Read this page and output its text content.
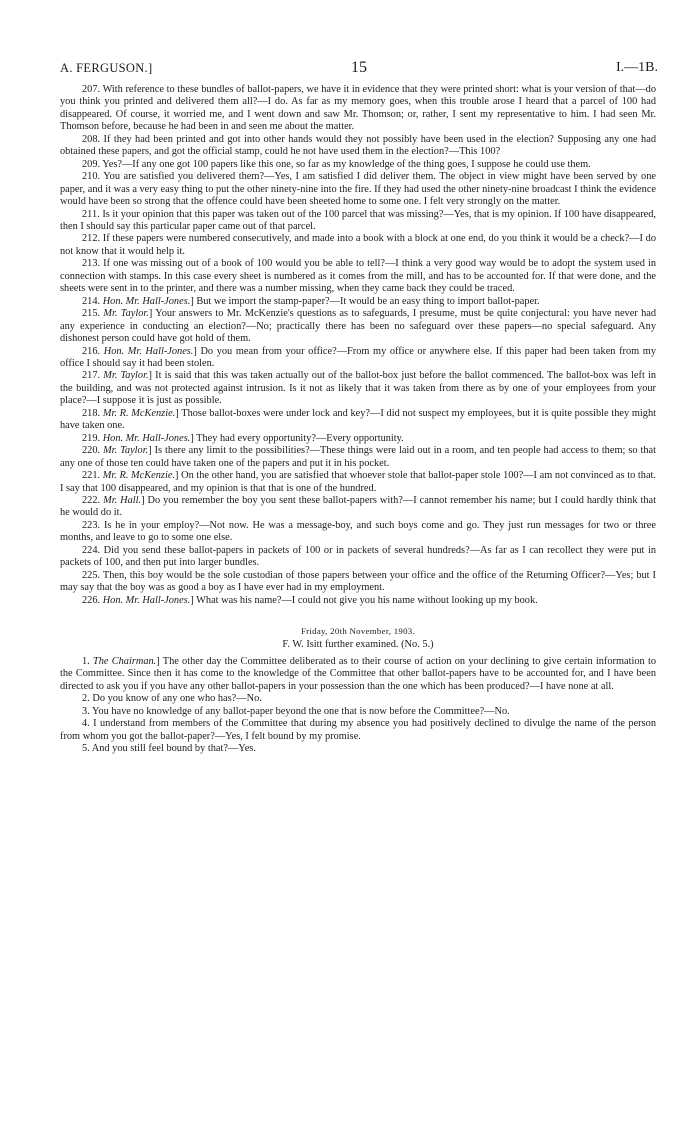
A. FERGUSON.]	15	I.—1B.

207. With reference to these bundles of ballot-papers, we have it in evidence that they were printed short: what is your version of that—do you think you printed and delivered them all?—I do. As far as my memory goes, when this trouble arose I heard that a parcel of 100 had disappeared. Of course, it worried me, and I went down and saw Mr. Thomson; or, rather, I sent my representative to him. I had seen Mr. Thomson before, because he had been in and seen me about the matter.

208. If they had been printed and got into other hands would they not possibly have been used in the election? Supposing any one had obtained these papers, and got the official stamp, could he not have used them in the election?—This 100?

209. Yes?—If any one got 100 papers like this one, so far as my knowledge of the thing goes, I suppose he could use them.

210. You are satisfied you delivered them?—Yes, I am satisfied I did deliver them. The object in view might have been served by one paper, and it was a very easy thing to put the other ninety-nine into the fire. If they had used the other ninety-nine broadcast I think the evidence would have been so strong that the offence could have been sheeted home to some one. I felt very strongly on the matter.

211. Is it your opinion that this paper was taken out of the 100 parcel that was missing?—Yes, that is my opinion. If 100 have disappeared, then I should say this particular paper came out of that parcel.

212. If these papers were numbered consecutively, and made into a book with a block at one end, do you think it would be a check?—I do not know that it would help it.

213. If one was missing out of a book of 100 would you be able to tell?—I think a very good way would be to adopt the system used in connection with stamps. In this case every sheet is numbered as it comes from the mill, and has to be accounted for. If that were done, and the sheets were sent in to the printer, and there was a number missing, when they came back they could be traced.

214. Hon. Mr. Hall-Jones.] But we import the stamp-paper?—It would be an easy thing to import ballot-paper.

215. Mr. Taylor.] Your answers to Mr. McKenzie's questions as to safeguards, I presume, must be quite conjectural: you have never had any experience in conducting an election?—No; practically there has been no safeguard over these papers—no special safeguard. Any dishonest person could have got hold of them.

216. Hon. Mr. Hall-Jones.] Do you mean from your office?—From my office or anywhere else. If this paper had been taken from my office I should say it had been stolen.

217. Mr. Taylor.] It is said that this was taken actually out of the ballot-box just before the ballot commenced. The ballot-box was left in the building, and was not protected against intrusion. Is it not as likely that it was taken from there as by one of your employees from your place?—I suppose it is just as possible.

218. Mr. R. McKenzie.] Those ballot-boxes were under lock and key?—I did not suspect my employees, but it is quite possible they might have taken one.

219. Hon. Mr. Hall-Jones.] They had every opportunity?—Every opportunity.

220. Mr. Taylor.] Is there any limit to the possibilities?—These things were laid out in a room, and ten people had access to them; so that any one of those ten could have taken one of the papers and put it in his pocket.

221. Mr. R. McKenzie.] On the other hand, you are satisfied that whoever stole that ballot-paper stole 100?—I am not convinced as to that. I say that 100 disappeared, and my opinion is that that is one of the hundred.

222. Mr. Hall.] Do you remember the boy you sent these ballot-papers with?—I cannot remember his name; but I could hardly think that he would do it.

223. Is he in your employ?—Not now. He was a message-boy, and such boys come and go. They just run messages for two or three months, and leave to go to some one else.

224. Did you send these ballot-papers in packets of 100 or in packets of several hundreds?—As far as I can recollect they were put in packets of 100, and then put into larger bundles.

225. Then, this boy would be the sole custodian of those papers between your office and the office of the Returning Officer?—Yes; but I may say that the boy was as good a boy as I have ever had in my employment.

226. Hon. Mr. Hall-Jones.] What was his name?—I could not give you his name without looking up my book.

Friday, 20th November, 1903.

F. W. Isitt further examined. (No. 5.)

1. The Chairman.] The other day the Committee deliberated as to their course of action on your declining to give certain information to the Committee. Since then it has come to the knowledge of the Committee that other ballot-papers have to be accounted for, and I have been directed to ask you if you have any other ballot-papers in your possession than the one which has been produced?—I have none at all.

2. Do you know of any one who has?—No.

3. You have no knowledge of any ballot-paper beyond the one that is now before the Committee?—No.

4. I understand from members of the Committee that during my absence you had positively declined to divulge the name of the person from whom you got the ballot-paper?—Yes, I felt bound by my promise.

5. And you still feel bound by that?—Yes.
